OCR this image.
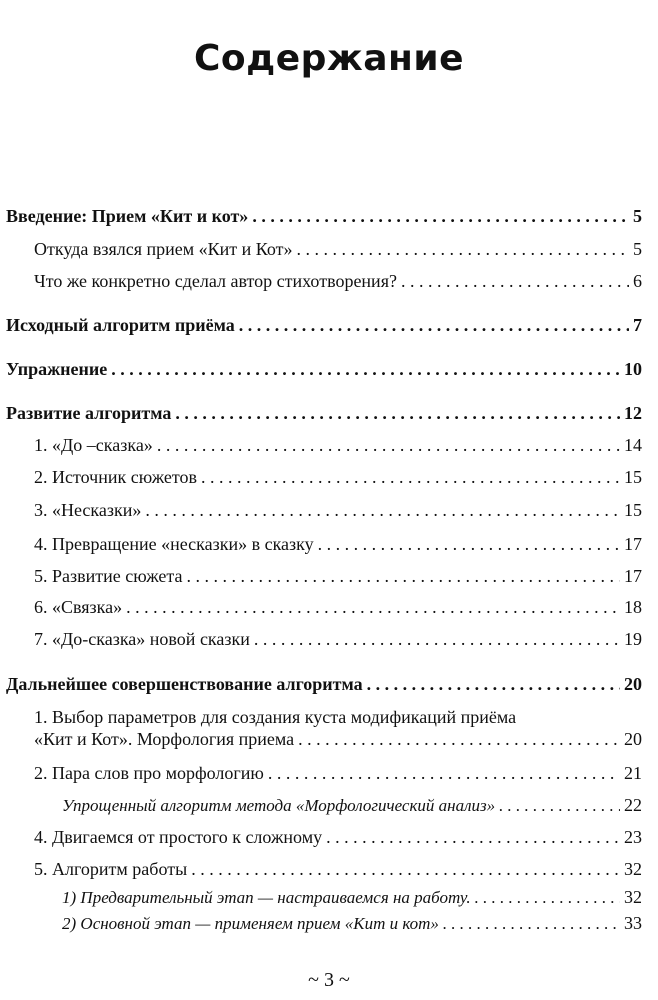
Содержание
Введение: Прием «Кит и кот» . . .	5
Откуда взялся прием «Кит и Кот» . . .	5
Что же конкретно сделал автор стихотворения? . . .	6
Исходный алгоритм приёма . . .	7
Упражнение . . .	10
Развитие алгоритма . . .	12
1. «До –сказка» . . .	14
2. Источник сюжетов . . .	15
3. «Несказки» . . .	15
4. Превращение «несказки» в сказку . . .	17
5. Развитие сюжета . . .	17
6. «Связка» . . .	18
7. «До-сказка» новой сказки . . .	19
Дальнейшее совершенствование алгоритма . . .	20
1. Выбор параметров для создания куста модификаций приёма
«Кит и Кот». Морфология приема . . .	20
2. Пара слов про морфологию . . .	21
Упрощенный алгоритм метода «Морфологический анализ» . . .	22
4. Двигаемся от простого к сложному . . .	23
5. Алгоритм работы . . .	32
1) Предварительный этап — настраиваемся на работу. . . .	32
2) Основной этап — применяем прием «Кит и кот» . . .	33
~ 3 ~
